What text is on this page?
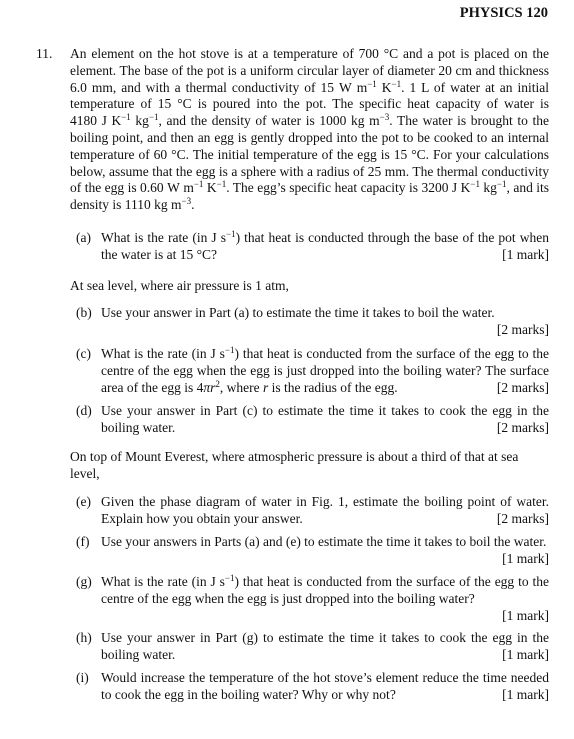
PHYSICS 120
11. An element on the hot stove is at a temperature of 700 °C and a pot is placed on the element. The base of the pot is a uniform circular layer of diameter 20 cm and thickness 6.0 mm, and with a thermal conductivity of 15 W $m^{-1}$ $K^{-1}$. 1 L of water at an initial temperature of 15 °C is poured into the pot. The specific heat capacity of water is 4180 J $K^{-1}$ $kg^{-1}$, and the density of water is 1000 kg $m^{-3}$. The water is brought to the boiling point, and then an egg is gently dropped into the pot to be cooked to an internal temperature of 60 °C. The initial temperature of the egg is 15 °C. For your calculations below, assume that the egg is a sphere with a radius of 25 mm. The thermal conductivity of the egg is 0.60 W $m^{-1}$ $K^{-1}$. The egg’s specific heat capacity is 3200 J $K^{-1}$ $kg^{-1}$, and its density is 1110 kg $m^{-3}$.
(a) What is the rate (in J $s^{-1}$) that heat is conducted through the base of the pot when the water is at 15 °C?	[1 mark]
At sea level, where air pressure is 1 atm,
(b) Use your answer in Part (a) to estimate the time it takes to boil the water.
[2 marks]
(c) What is the rate (in J $s^{-1}$) that heat is conducted from the surface of the egg to the centre of the egg when the egg is just dropped into the boiling water? The surface area of the egg is $4\pi r^2$, where r is the radius of the egg.	[2 marks]
(d) Use your answer in Part (c) to estimate the time it takes to cook the egg in the boiling water.	[2 marks]
On top of Mount Everest, where atmospheric pressure is about a third of that at sea level,
(e) Given the phase diagram of water in Fig. 1, estimate the boiling point of water. Explain how you obtain your answer.	[2 marks]
(f) Use your answers in Parts (a) and (e) to estimate the time it takes to boil the water.
[1 mark]
(g) What is the rate (in J $s^{-1}$) that heat is conducted from the surface of the egg to the centre of the egg when the egg is just dropped into the boiling water?
[1 mark]
(h) Use your answer in Part (g) to estimate the time it takes to cook the egg in the boiling water.	[1 mark]
(i) Would increase the temperature of the hot stove’s element reduce the time needed to cook the egg in the boiling water? Why or why not?	[1 mark]
